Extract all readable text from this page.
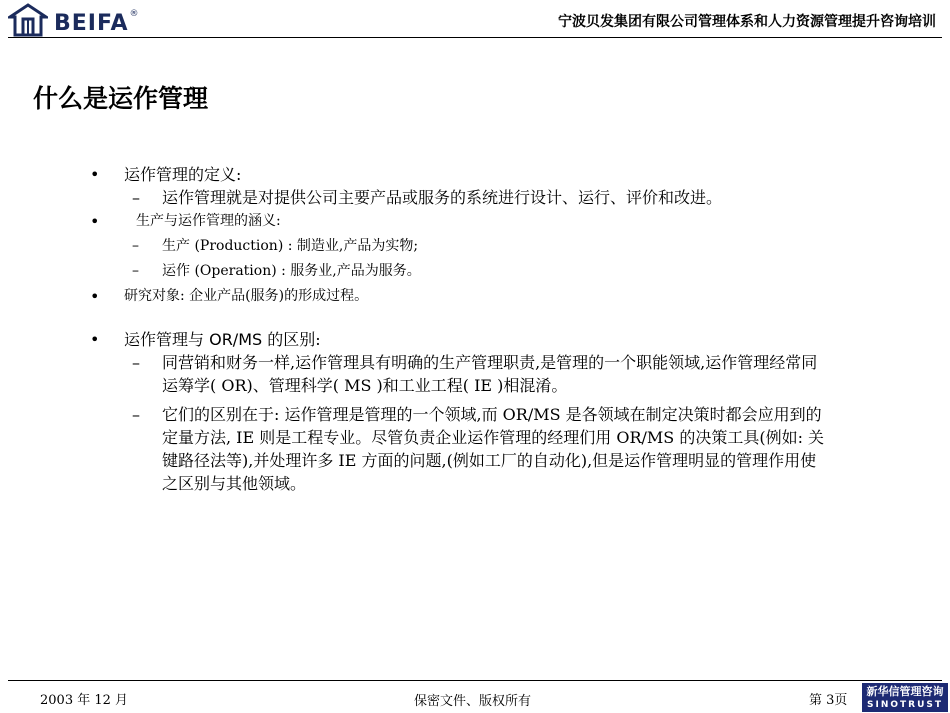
BEIFA ®	宁波贝发集团有限公司管理体系和人力资源管理提升咨询培训
什么是运作管理
• 运作管理的定义:
– 运作管理就是对提供公司主要产品或服务的系统进行设计、运行、评价和改进。
•	生产与运作管理的涵义:
– 生产 (Production) : 制造业,产品为实物;
– 运作 (Operation) : 服务业,产品为服务。
• 研究对象: 企业产品(服务)的形成过程。
• 运作管理与 OR/MS 的区别:
– 同营销和财务一样,运作管理具有明确的生产管理职责,是管理的一个职能领域,运作管理经常同运筹学( OR)、管理科学( MS )和工业工程( IE )相混淆。
– 它们的区别在于: 运作管理是管理的一个领域,而 OR/MS 是各领域在制定决策时都会应用到的定量方法, IE 则是工程专业。尽管负责企业运作管理的经理们用 OR/MS 的决策工具(例如: 关键路径法等),并处理许多 IE 方面的问题,(例如工厂的自动化),但是运作管理明显的管理作用使之区别与其他领域。
2003 年 12 月	保密文件、版权所有	第 3页
新华信管理咨询
SINOTRUST
